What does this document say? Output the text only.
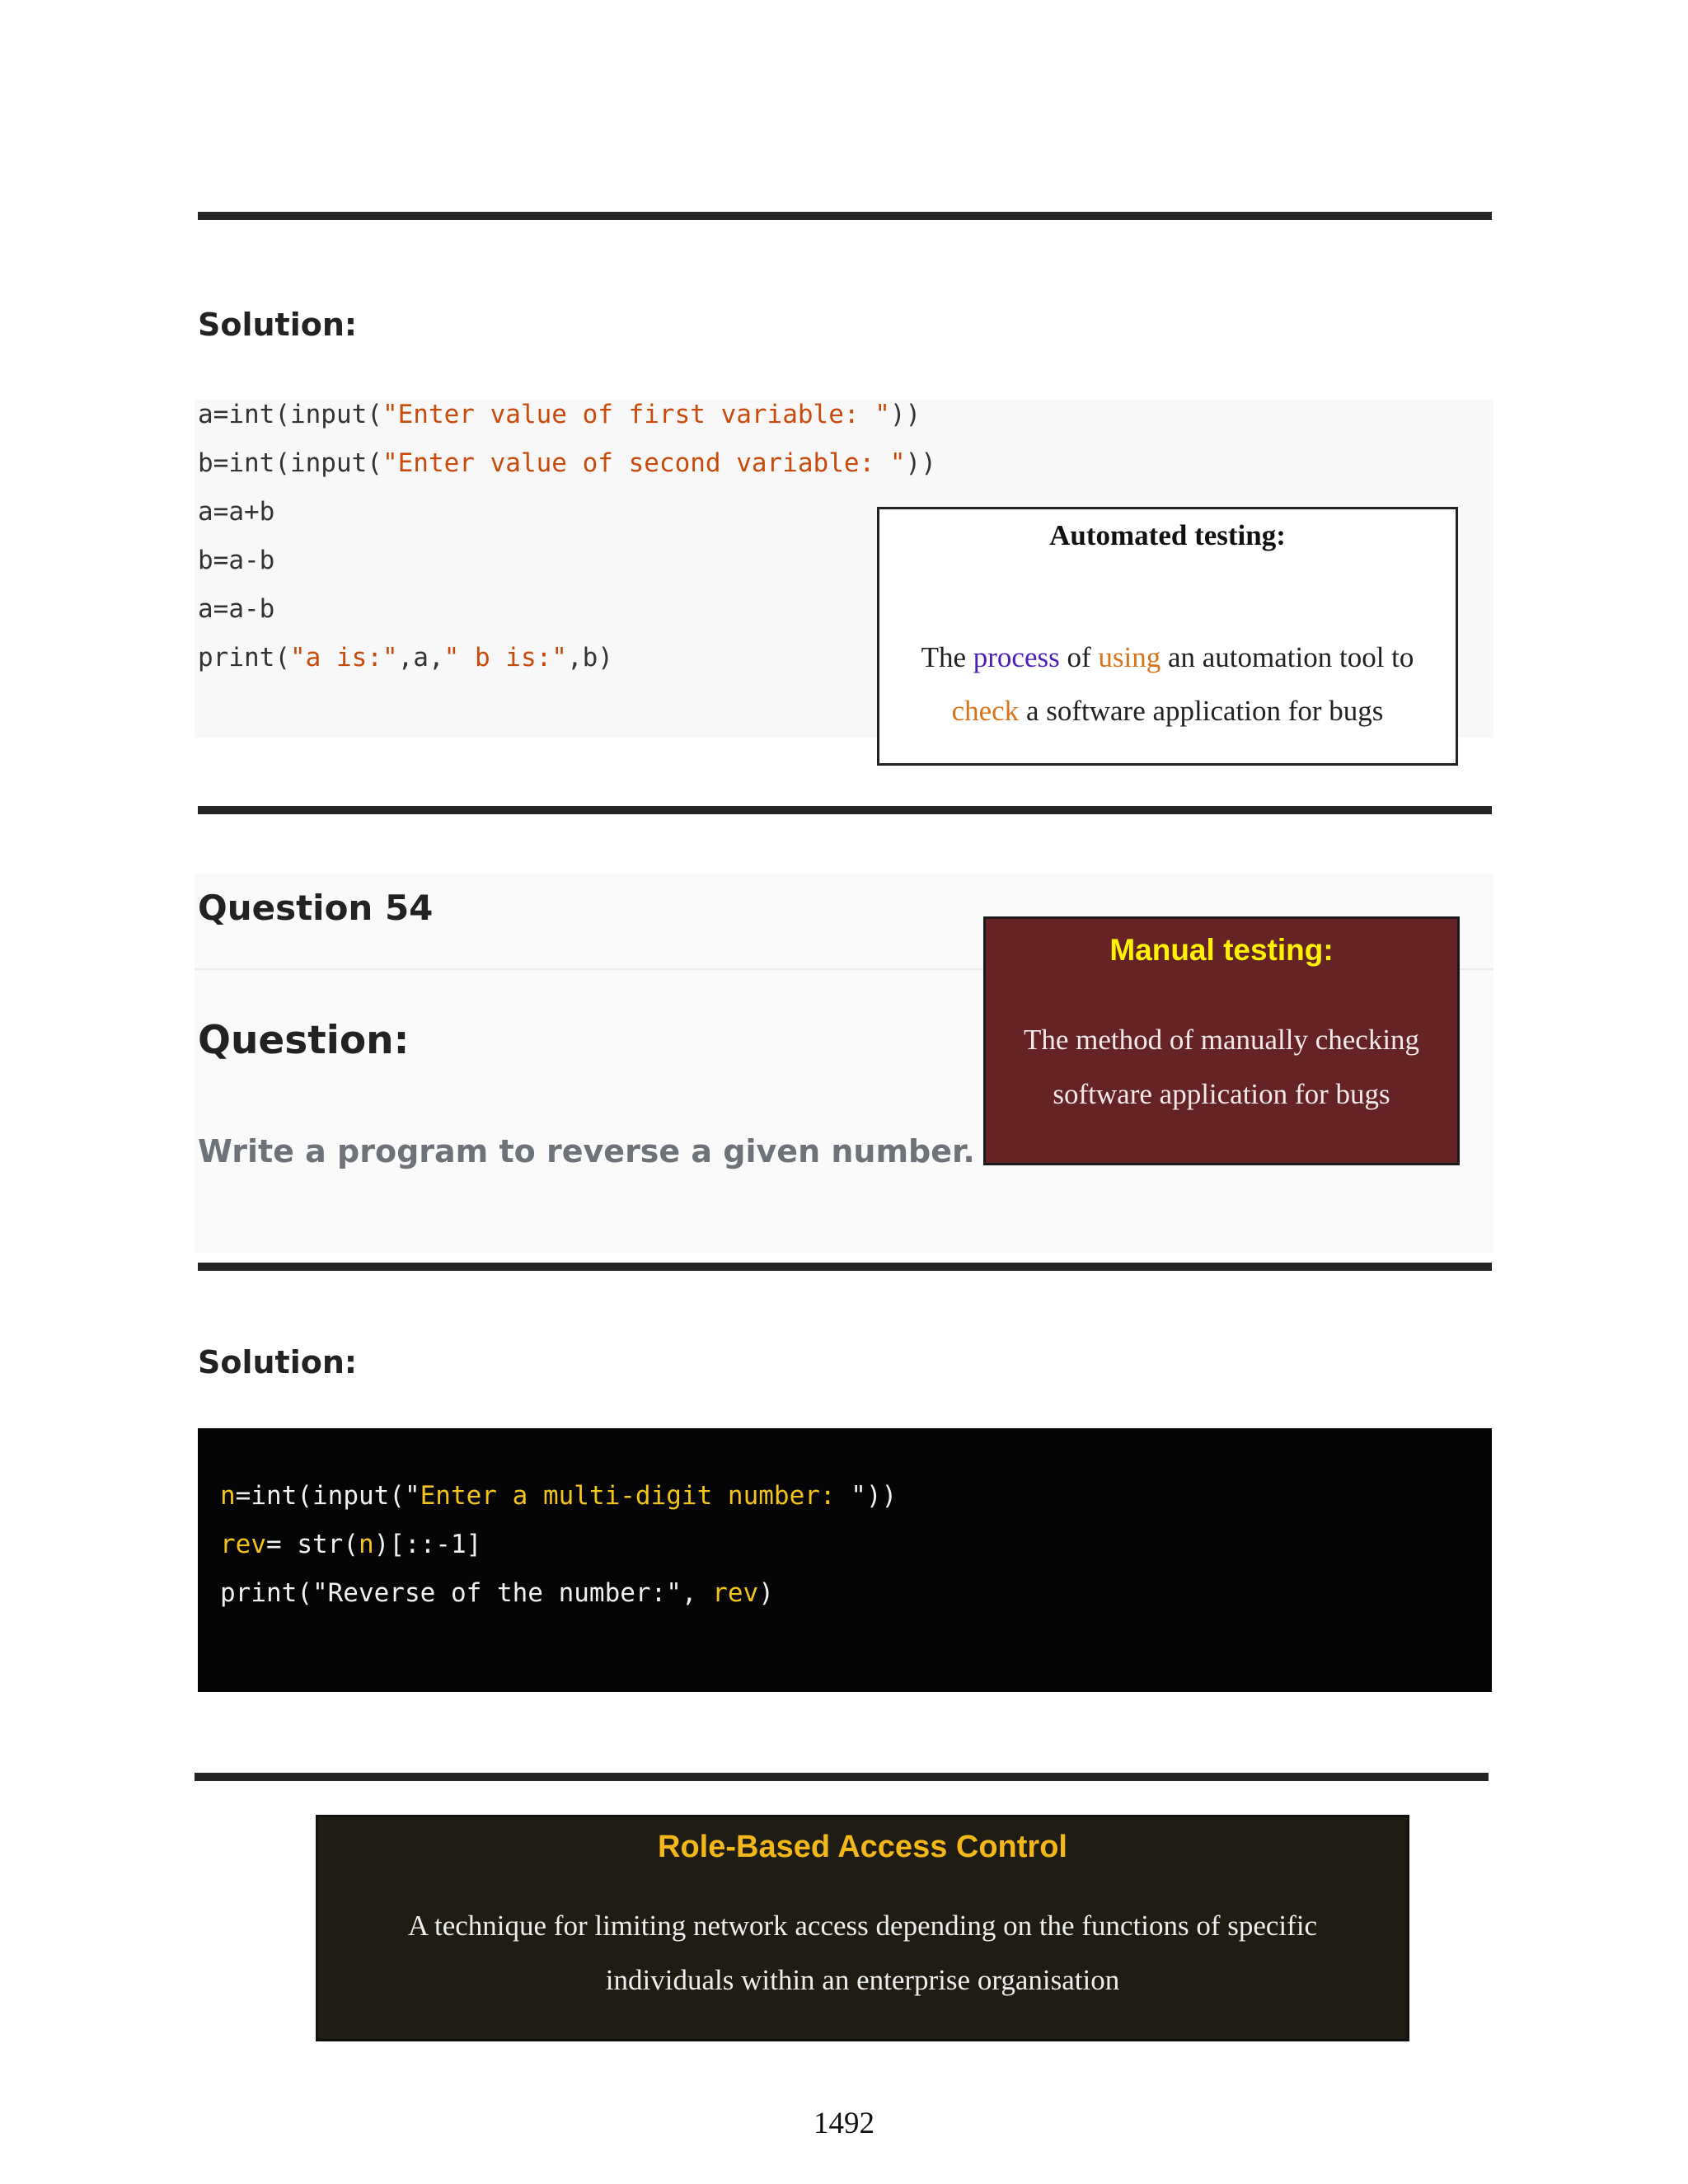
Solution:
a=int(input("Enter value of first variable: "))
b=int(input("Enter value of second variable: "))
a=a+b
b=a-b
a=a-b
print("a is:",a," b is:",b)
Automated testing:
The process of using an automation tool to
check a software application for bugs
Question 54
Question:
Write a program to reverse a given number.
Manual testing:
The method of manually checking
software application for bugs
Solution:
n=int(input("Enter a multi-digit number: "))
rev= str(n)[::-1]
print("Reverse of the number:", rev)
Role-Based Access Control
A technique for limiting network access depending on the functions of specific
individuals within an enterprise organisation
1492
